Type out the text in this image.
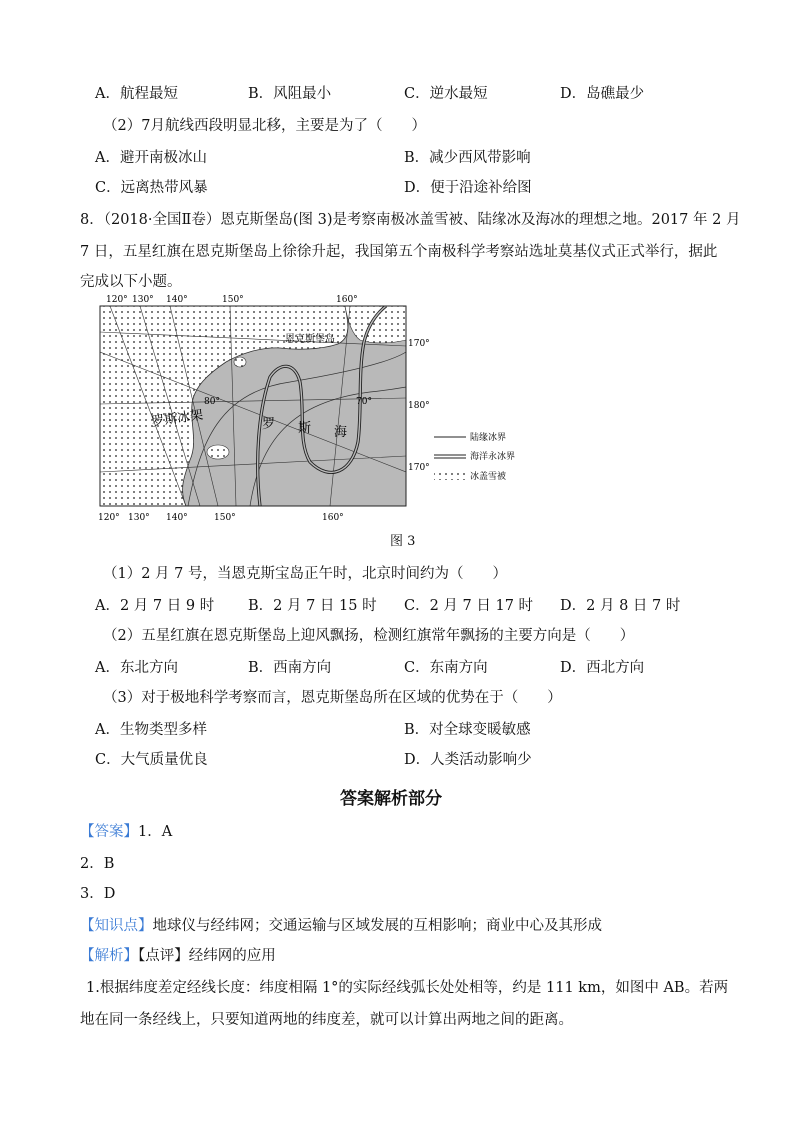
A．航程最短	B．风阻最小	C．逆水最短	D．岛礁最少
（2）7月航线西段明显北移，主要是为了（　　）
A．避开南极冰山	B．减少西风带影响
C．远离热带风暴	D．便于沿途补给图
8．（2018·全国Ⅱ卷）恩克斯堡岛(图 3)是考察南极冰盖雪被、陆缘冰及海冰的理想之地。2017 年 2 月
7 日，五星红旗在恩克斯堡岛上徐徐升起，我国第五个南极科学考察站选址莫基仪式正式举行，据此
完成以下小题。
120° 130° 140°	150°	160°
恩克斯堡岛
80°	70°
罗斯冰架	罗 斯 海
170°
180°
170°
120° 130° 140°	150°	160°
陆缘冰界
海洋永冰界
冰盖雪被
图 3
（1）2 月 7 号，当恩克斯宝岛正午时，北京时间约为（　　）
A．2 月 7 日 9 时 B．2 月 7 日 15 时 C．2 月 7 日 17 时 D．2 月 8 日 7 时
（2）五星红旗在恩克斯堡岛上迎风飘扬，检测红旗常年飘扬的主要方向是（　　）
A．东北方向	B．西南方向	C．东南方向	D．西北方向
（3）对于极地科学考察而言，恩克斯堡岛所在区域的优势在于（　　）
A．生物类型多样	B．对全球变暖敏感
C．大气质量优良	D．人类活动影响少
答案解析部分
【答案】1．A
2．B
3．D
【知识点】地球仪与经纬网；交通运输与区域发展的互相影响；商业中心及其形成
【解析】【点评】经纬网的应用
1.根据纬度差定经线长度：纬度相隔 1°的实际经线弧长处处相等，约是 111 km，如图中 AB。若两
地在同一条经线上，只要知道两地的纬度差，就可以计算出两地之间的距离。
